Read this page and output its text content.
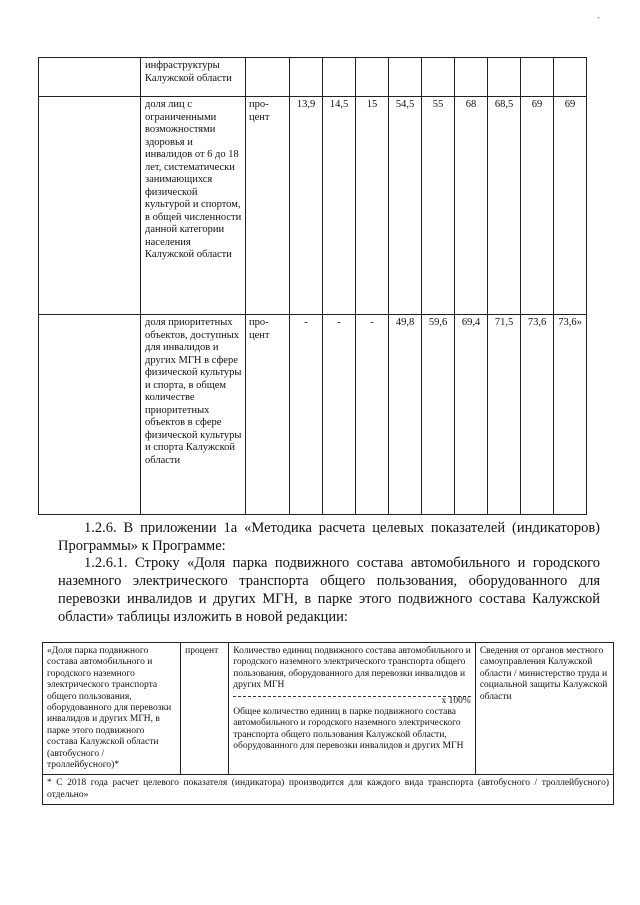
-
	инфраструктуры Калужской области										
	доля лиц с ограниченными возможностями здоровья и инвалидов от 6 до 18 лет, систематически занимающихся физической культурой и спортом, в общей численности данной категории населения Калужской области	про-цент	13,9	14,5	15	54,5	55	68	68,5	69	69
	доля приоритетных объектов, доступных для инвалидов и других МГН в сфере физической культуры и спорта, в общем количестве приоритетных объектов в сфере физической культуры и спорта Калужской области	про-цент	-	-	-	49,8	59,6	69,4	71,5	73,6	73,6»
1.2.6. В приложении 1а «Методика расчета целевых показателей (индикаторов) Программы» к Программе:
1.2.6.1. Строку «Доля парка подвижного состава автомобильного и городского наземного электрического транспорта общего пользования, оборудованного для перевозки инвалидов и других МГН, в парке этого подвижного состава Калужской области» таблицы изложить в новой редакции:
«Доля парка подвижного состава автомобильного и городского наземного электрического транспорта общего пользования, оборудованного для перевозки инвалидов и других МГН, в парке этого подвижного состава Калужской области (автобусного / троллейбусного)*	процент	Количество единиц подвижного состава автомобильного и городского наземного электрического транспорта общего пользования, оборудованного для перевозки инвалидов и других МГН
x 100%
Общее количество единиц в парке подвижного состава автомобильного и городского наземного электрического транспорта общего пользования Калужской области, оборудованного для перевозки инвалидов и других МГН
	Сведения от органов местного самоуправления Калужской области / министерство труда и социальной защиты Калужской области
* С 2018 года расчет целевого показателя (индикатора) производится для каждого вида транспорта (автобусного / троллейбусного) отдельно»
